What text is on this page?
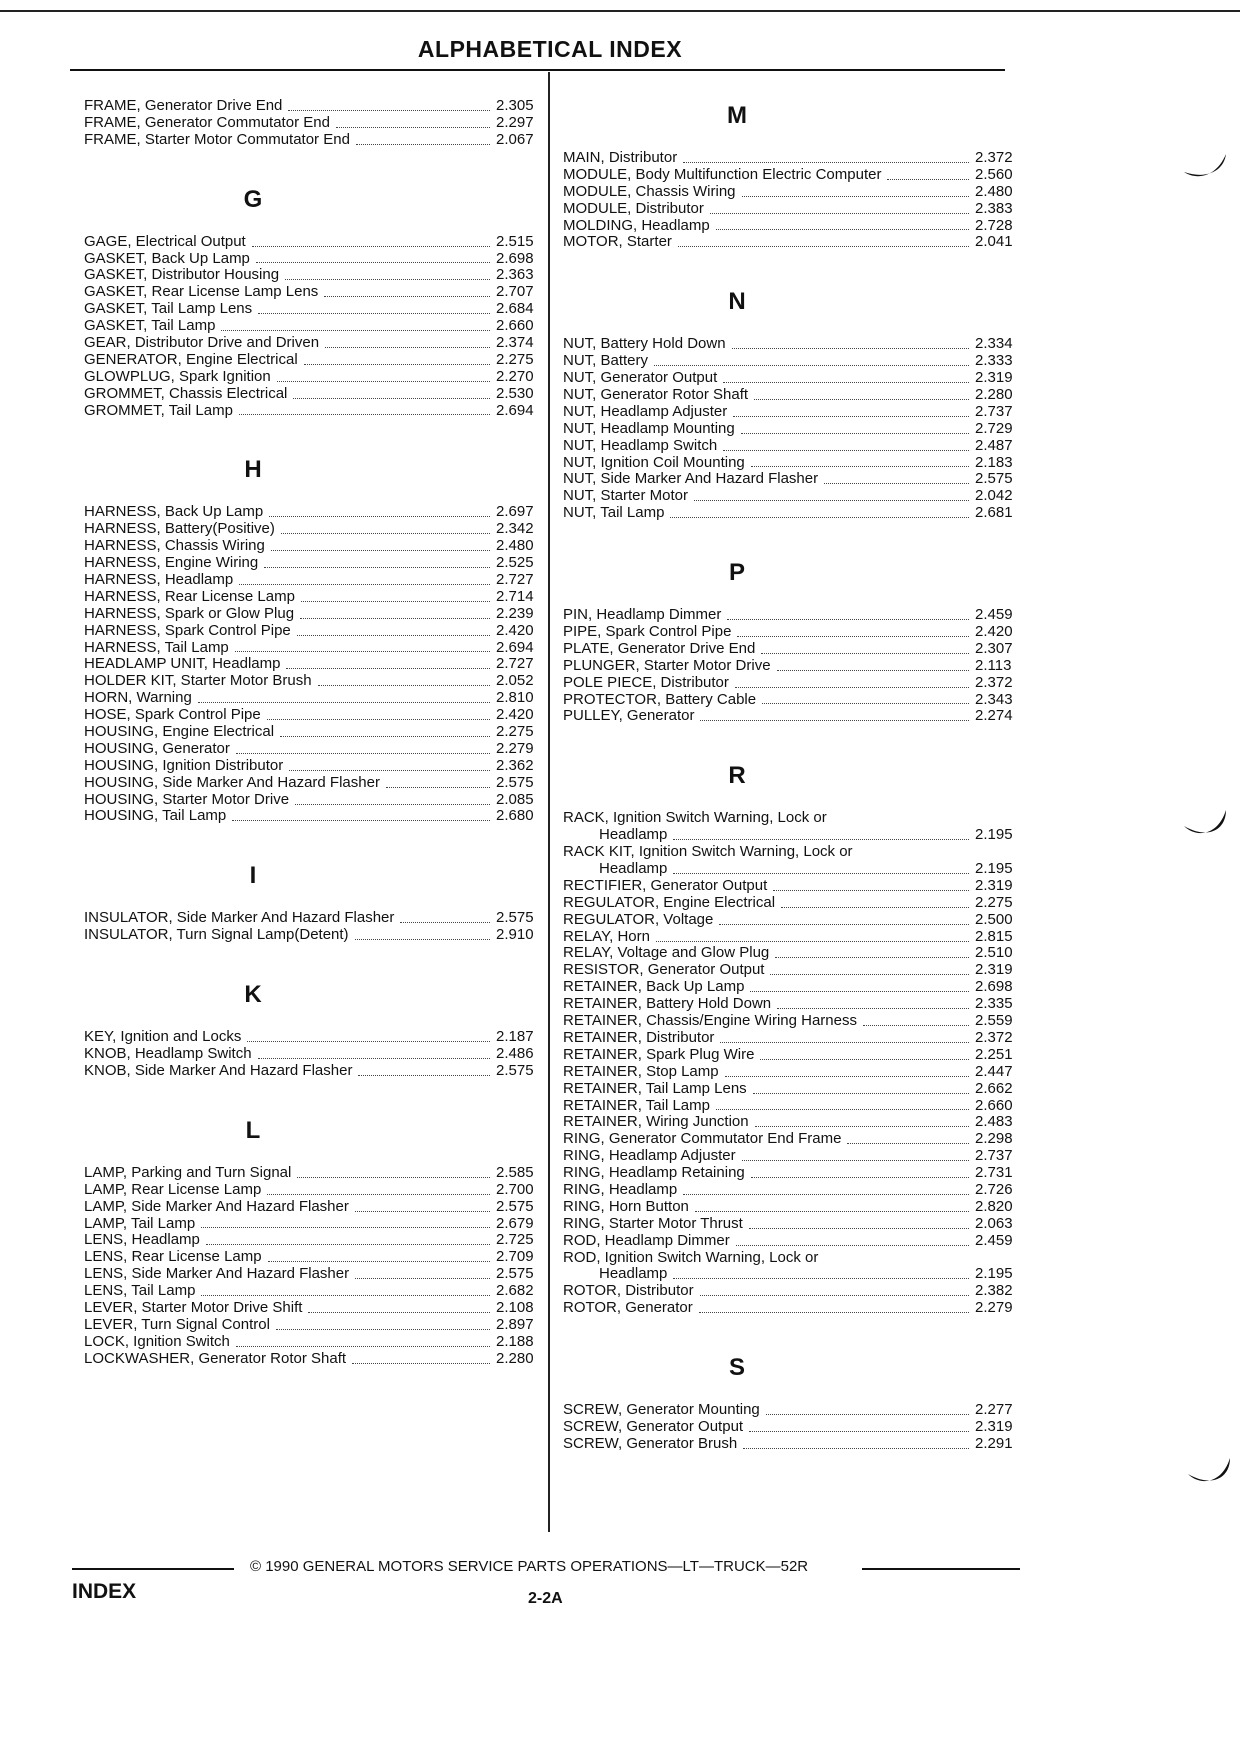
ALPHABETICAL INDEX
FRAME, Generator Drive End	2.305
FRAME, Generator Commutator End	2.297
FRAME, Starter Motor Commutator End	2.067
G
GAGE, Electrical Output	2.515
GASKET, Back Up Lamp	2.698
GASKET, Distributor Housing	2.363
GASKET, Rear License Lamp Lens	2.707
GASKET, Tail Lamp Lens	2.684
GASKET, Tail Lamp	2.660
GEAR, Distributor Drive and Driven	2.374
GENERATOR, Engine Electrical	2.275
GLOWPLUG, Spark Ignition	2.270
GROMMET, Chassis Electrical	2.530
GROMMET, Tail Lamp	2.694
H
HARNESS, Back Up Lamp	2.697
HARNESS, Battery(Positive)	2.342
HARNESS, Chassis Wiring	2.480
HARNESS, Engine Wiring	2.525
HARNESS, Headlamp	2.727
HARNESS, Rear License Lamp	2.714
HARNESS, Spark or Glow Plug	2.239
HARNESS, Spark Control Pipe	2.420
HARNESS, Tail Lamp	2.694
HEADLAMP UNIT, Headlamp	2.727
HOLDER KIT, Starter Motor Brush	2.052
HORN, Warning	2.810
HOSE, Spark Control Pipe	2.420
HOUSING, Engine Electrical	2.275
HOUSING, Generator	2.279
HOUSING, Ignition Distributor	2.362
HOUSING, Side Marker And Hazard Flasher	2.575
HOUSING, Starter Motor Drive	2.085
HOUSING, Tail Lamp	2.680
I
INSULATOR, Side Marker And Hazard Flasher	2.575
INSULATOR, Turn Signal Lamp(Detent)	2.910
K
KEY, Ignition and Locks	2.187
KNOB, Headlamp Switch	2.486
KNOB, Side Marker And Hazard Flasher	2.575
L
LAMP, Parking and Turn Signal	2.585
LAMP, Rear License Lamp	2.700
LAMP, Side Marker And Hazard Flasher	2.575
LAMP, Tail Lamp	2.679
LENS, Headlamp	2.725
LENS, Rear License Lamp	2.709
LENS, Side Marker And Hazard Flasher	2.575
LENS, Tail Lamp	2.682
LEVER, Starter Motor Drive Shift	2.108
LEVER, Turn Signal Control	2.897
LOCK, Ignition Switch	2.188
LOCKWASHER, Generator Rotor Shaft	2.280
M
MAIN, Distributor	2.372
MODULE, Body Multifunction Electric Computer	2.560
MODULE, Chassis Wiring	2.480
MODULE, Distributor	2.383
MOLDING, Headlamp	2.728
MOTOR, Starter	2.041
N
NUT, Battery Hold Down	2.334
NUT, Battery	2.333
NUT, Generator Output	2.319
NUT, Generator Rotor Shaft	2.280
NUT, Headlamp Adjuster	2.737
NUT, Headlamp Mounting	2.729
NUT, Headlamp Switch	2.487
NUT, Ignition Coil Mounting	2.183
NUT, Side Marker And Hazard Flasher	2.575
NUT, Starter Motor	2.042
NUT, Tail Lamp	2.681
P
PIN, Headlamp Dimmer	2.459
PIPE, Spark Control Pipe	2.420
PLATE, Generator Drive End	2.307
PLUNGER, Starter Motor Drive	2.113
POLE PIECE, Distributor	2.372
PROTECTOR, Battery Cable	2.343
PULLEY, Generator	2.274
R
RACK, Ignition Switch Warning, Lock or
Headlamp	2.195
RACK KIT, Ignition Switch Warning, Lock or
Headlamp	2.195
RECTIFIER, Generator Output	2.319
REGULATOR, Engine Electrical	2.275
REGULATOR, Voltage	2.500
RELAY, Horn	2.815
RELAY, Voltage and Glow Plug	2.510
RESISTOR, Generator Output	2.319
RETAINER, Back Up Lamp	2.698
RETAINER, Battery Hold Down	2.335
RETAINER, Chassis/Engine Wiring Harness	2.559
RETAINER, Distributor	2.372
RETAINER, Spark Plug Wire	2.251
RETAINER, Stop Lamp	2.447
RETAINER, Tail Lamp Lens	2.662
RETAINER, Tail Lamp	2.660
RETAINER, Wiring Junction	2.483
RING, Generator Commutator End Frame	2.298
RING, Headlamp Adjuster	2.737
RING, Headlamp Retaining	2.731
RING, Headlamp	2.726
RING, Horn Button	2.820
RING, Starter Motor Thrust	2.063
ROD, Headlamp Dimmer	2.459
ROD, Ignition Switch Warning, Lock or
Headlamp	2.195
ROTOR, Distributor	2.382
ROTOR, Generator	2.279
S
SCREW, Generator Mounting	2.277
SCREW, Generator Output	2.319
SCREW, Generator Brush	2.291
© 1990 GENERAL MOTORS SERVICE PARTS OPERATIONS—LT—TRUCK—52R
INDEX	2-2A
